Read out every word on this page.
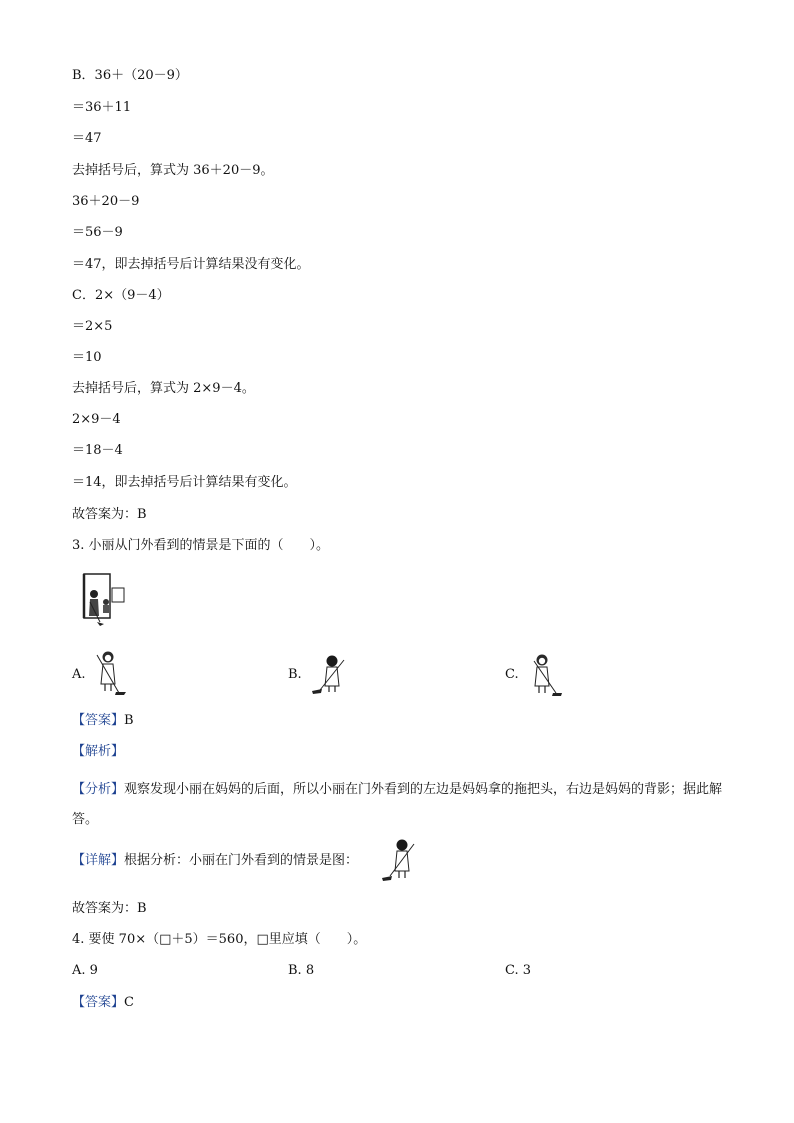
B．36＋（20－9）
＝36＋11
＝47
去掉括号后，算式为 36＋20－9。
36＋20－9
＝56－9
＝47，即去掉括号后计算结果没有变化。
C．2×（9－4）
＝2×5
＝10
去掉括号后，算式为 2×9－4。
2×9－4
＝18－4
＝14，即去掉括号后计算结果有变化。
故答案为：B
3. 小丽从门外看到的情景是下面的（　　）。
A.	B.	C.
【答案】B
【解析】
【分析】观察发现小丽在妈妈的后面，所以小丽在门外看到的左边是妈妈拿的拖把头，右边是妈妈的背影；据此解答。
【详解】根据分析：小丽在门外看到的情景是图：
故答案为：B
4. 要使 70×（□＋5）＝560，□里应填（　　）。
A. 9	B. 8	C. 3
【答案】C
